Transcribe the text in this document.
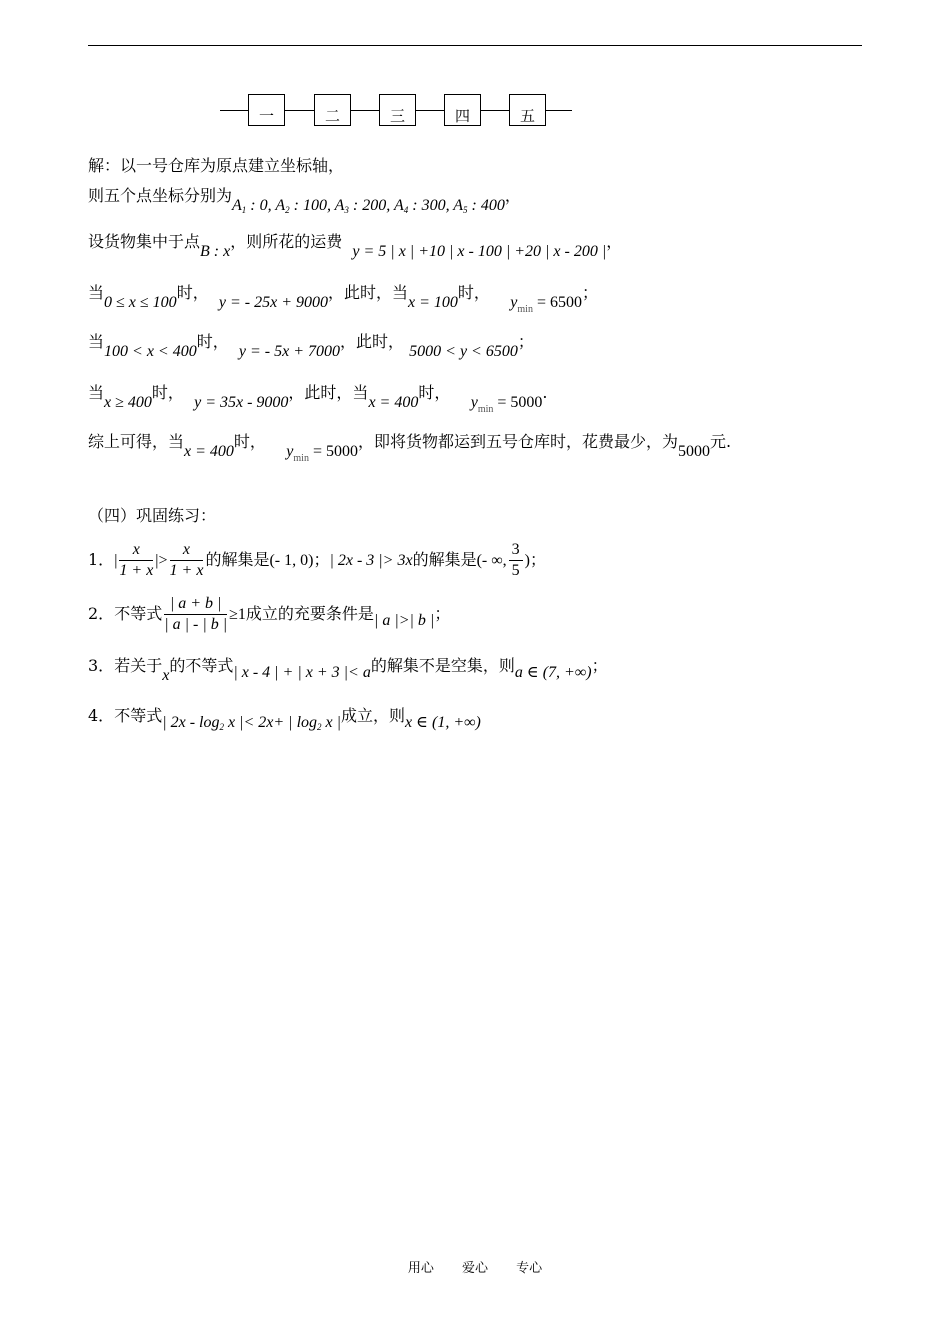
一	二	三	四	五
解：以一号仓库为原点建立坐标轴，
则五个点坐标分别为$A_1$ : 0, $A_2$ : 100, $A_3$ : 200, $A_4$ : 300, $A_5$ : 400，
设货物集中于点B : x，则所花的运费  y = 5 | x | +10 | x - 100 | +20 | x - 200 |，
当0 ≤ x ≤ 100时，  y = - 25x + 9000，此时，当x = 100时，    $y_{min} = 6500$；
当100 < x < 400时，  y = - 5x + 7000，此时， 5000 < y < 6500；
当x ≥ 400时，  y = 35x - 9000，此时，当x = 400时，    $y_{min} = 5000$.
综上可得，当x = 400时，    $y_{min} = 5000$，即将货物都运到五号仓库时，花费最少，为5000元.
（四）巩固练习：
1．| $\frac{x}{1 + x}$ |> $\frac{x}{1 + x}$ 的解集是(- 1, 0)；| 2x - 3 |> 3x的解集是(- ∞, $\frac{3}{5}$ )；
2．不等式 $\frac{| a + b |}{| a | - | b |} \ge 1$成立的充要条件是| a |>| b |；
3．若关于x的不等式| x - 4 | + | x + 3 |< a的解集不是空集，则a ∈ (7, +∞)；
4．不等式| $2x - \log_2 x$ |< 2x+ | $\log_2 x$ |成立，则x ∈ (1, +∞)
用心 爱心 专心
